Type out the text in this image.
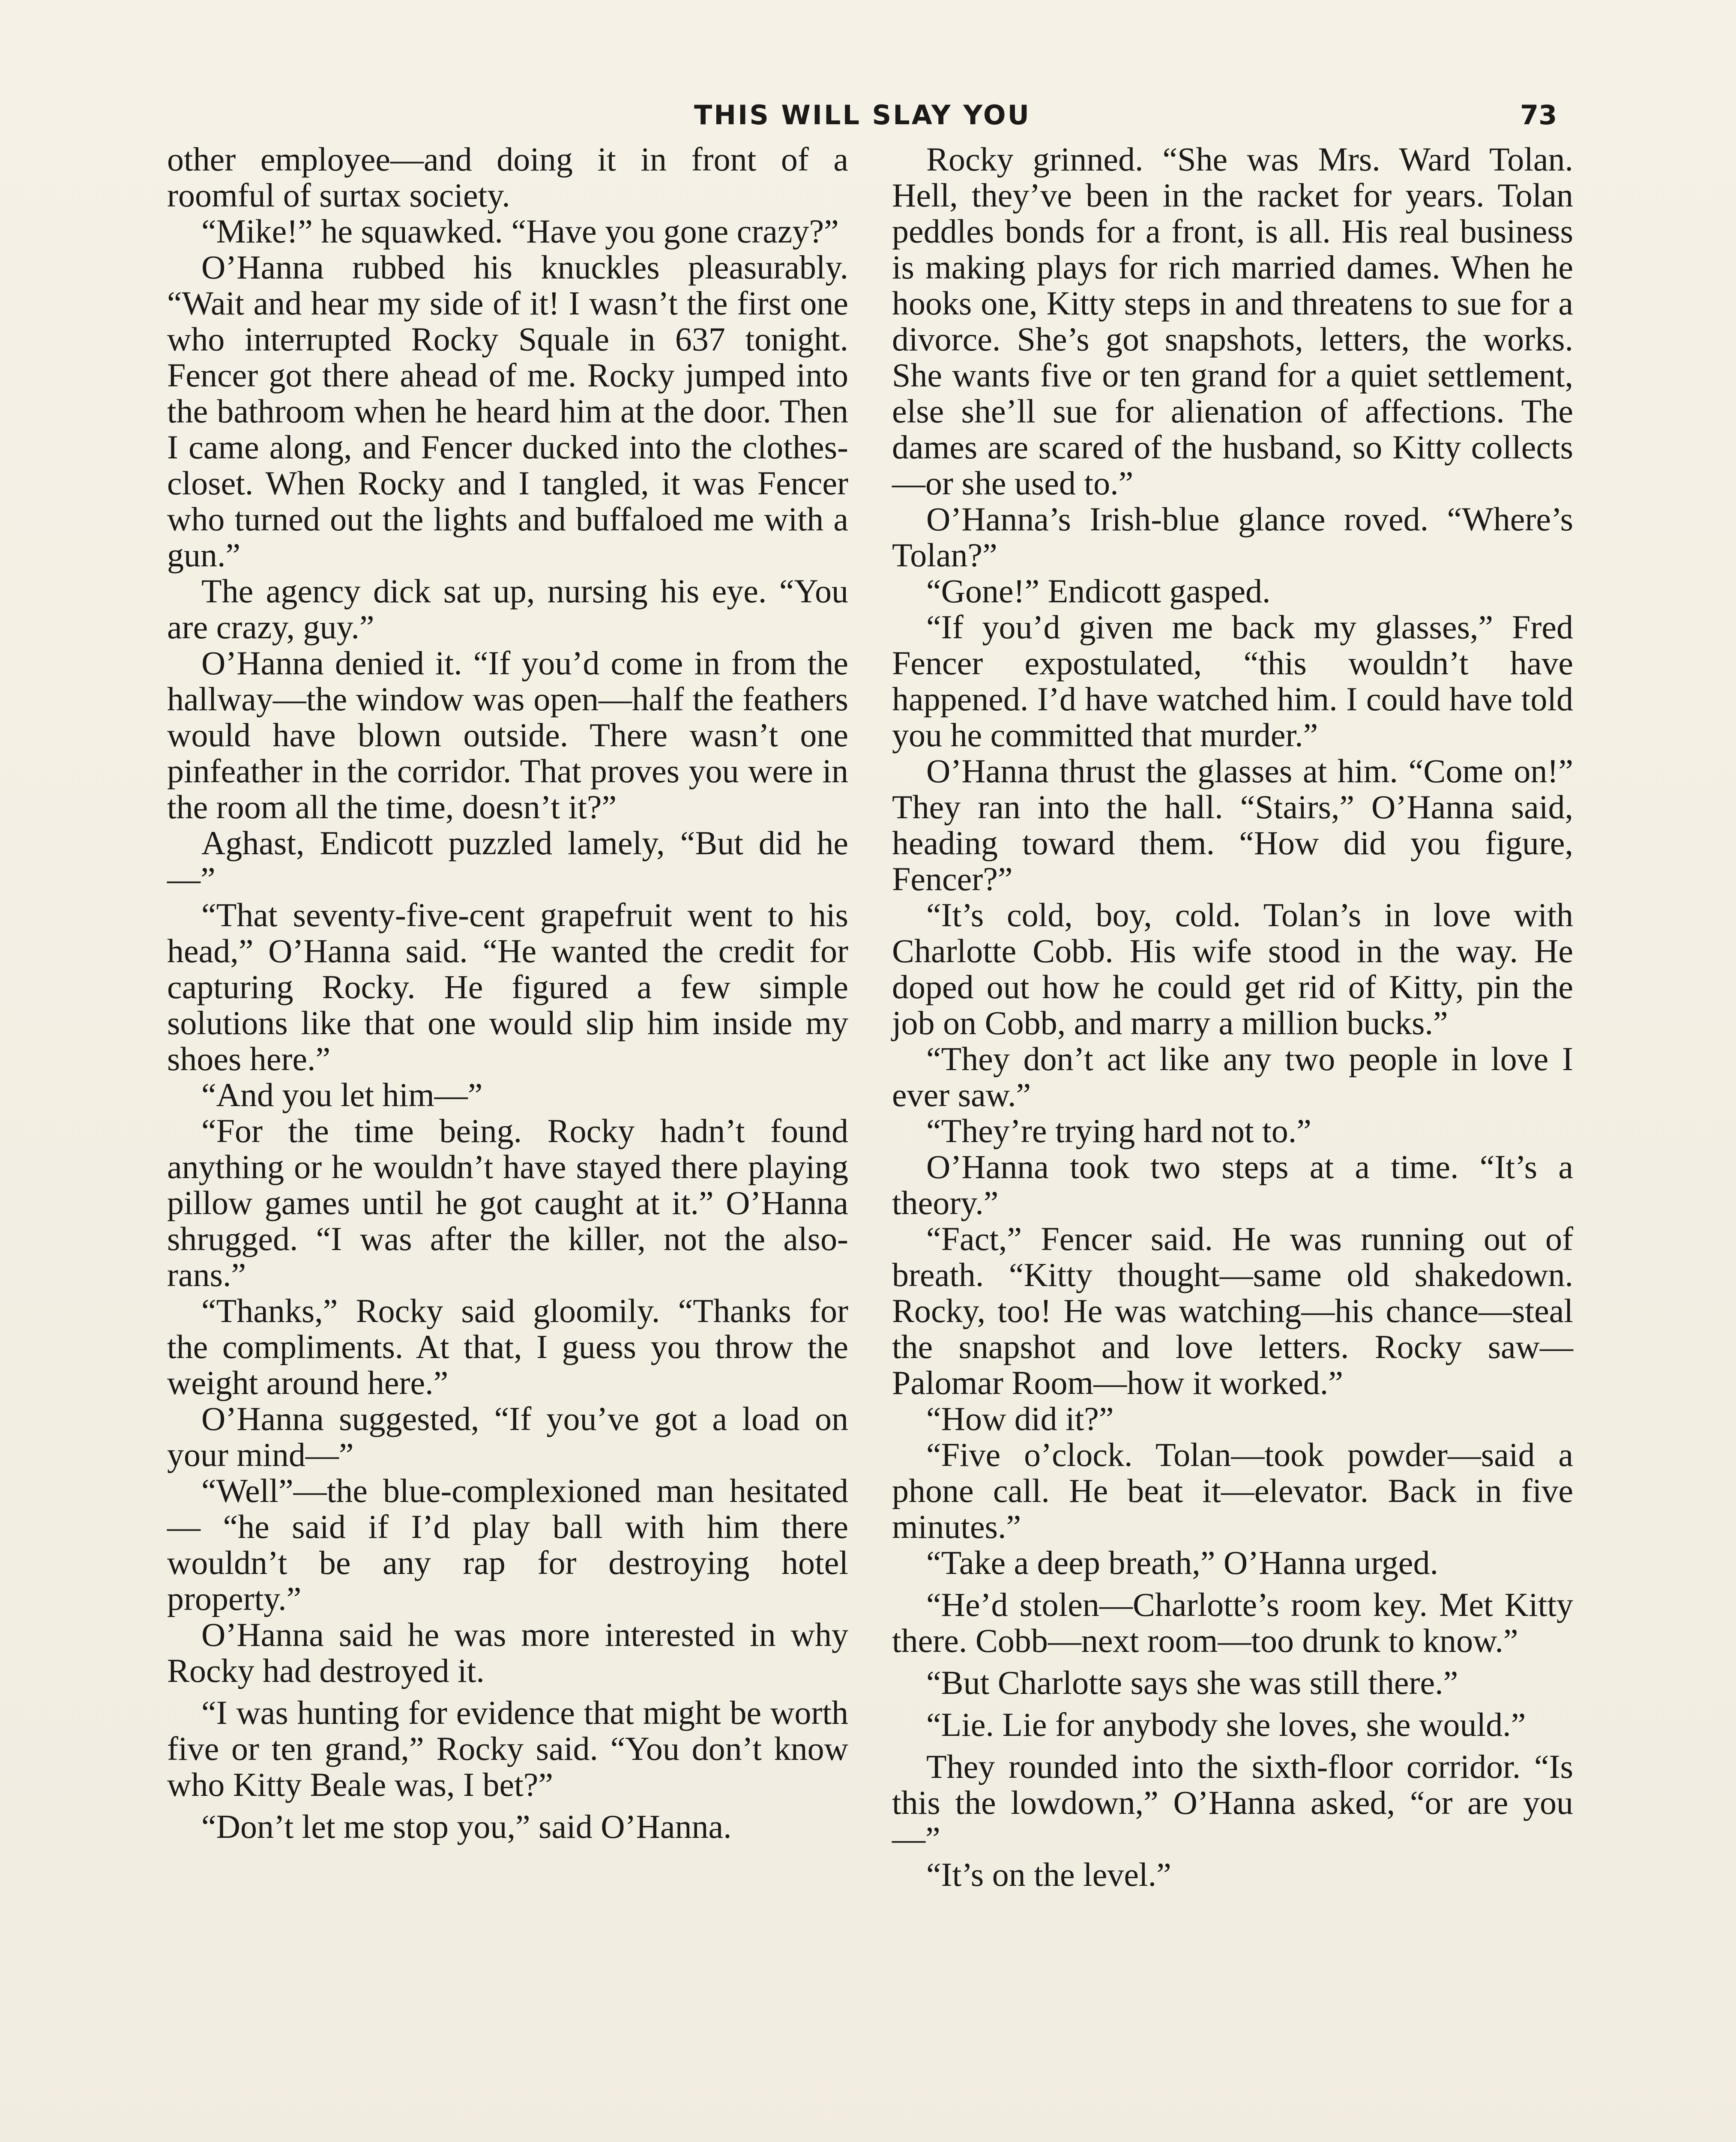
THIS WILL SLAY YOU	73

other employee—and doing it in front of a roomful of surtax society.

“Mike!” he squawked. “Have you gone crazy?”

O’Hanna rubbed his knuckles pleasurably. “Wait and hear my side of it! I wasn’t the first one who interrupted Rocky Squale in 637 tonight. Fencer got there ahead of me. Rocky jumped into the bathroom when he heard him at the door. Then I came along, and Fencer ducked into the clothes-closet. When Rocky and I tangled, it was Fencer who turned out the lights and buffaloed me with a gun.”

The agency dick sat up, nursing his eye. “You are crazy, guy.”

O’Hanna denied it. “If you’d come in from the hallway—the window was open—half the feathers would have blown outside. There wasn’t one pinfeather in the corridor. That proves you were in the room all the time, doesn’t it?”

Aghast, Endicott puzzled lamely, “But did he—”

“That seventy-five-cent grapefruit went to his head,” O’Hanna said. “He wanted the credit for capturing Rocky. He figured a few simple solutions like that one would slip him inside my shoes here.”

“And you let him—”

“For the time being. Rocky hadn’t found anything or he wouldn’t have stayed there playing pillow games until he got caught at it.” O’Hanna shrugged. “I was after the killer, not the also-rans.”

“Thanks,” Rocky said gloomily. “Thanks for the compliments. At that, I guess you throw the weight around here.”

O’Hanna suggested, “If you’ve got a load on your mind—”

“Well”—the blue-complexioned man hesitated— “he said if I’d play ball with him there wouldn’t be any rap for destroying hotel property.”

O’Hanna said he was more interested in why Rocky had destroyed it.

“I was hunting for evidence that might be worth five or ten grand,” Rocky said. “You don’t know who Kitty Beale was, I bet?”

“Don’t let me stop you,” said O’Hanna.

Rocky grinned. “She was Mrs. Ward Tolan. Hell, they’ve been in the racket for years. Tolan peddles bonds for a front, is all. His real business is making plays for rich married dames. When he hooks one, Kitty steps in and threatens to sue for a divorce. She’s got snapshots, letters, the works. She wants five or ten grand for a quiet settlement, else she’ll sue for alienation of affections. The dames are scared of the husband, so Kitty collects—or she used to.”

O’Hanna’s Irish-blue glance roved. “Where’s Tolan?”

“Gone!” Endicott gasped.

“If you’d given me back my glasses,” Fred Fencer expostulated, “this wouldn’t have happened. I’d have watched him. I could have told you he committed that murder.”

O’Hanna thrust the glasses at him. “Come on!” They ran into the hall. “Stairs,” O’Hanna said, heading toward them. “How did you figure, Fencer?”

“It’s cold, boy, cold. Tolan’s in love with Charlotte Cobb. His wife stood in the way. He doped out how he could get rid of Kitty, pin the job on Cobb, and marry a million bucks.”

“They don’t act like any two people in love I ever saw.”

“They’re trying hard not to.”

O’Hanna took two steps at a time. “It’s a theory.”

“Fact,” Fencer said. He was running out of breath. “Kitty thought—same old shakedown. Rocky, too! He was watching—his chance—steal the snapshot and love letters. Rocky saw—Palomar Room—how it worked.”

“How did it?”

“Five o’clock. Tolan—took powder—said a phone call. He beat it—elevator. Back in five minutes.”

“Take a deep breath,” O’Hanna urged.

“He’d stolen—Charlotte’s room key. Met Kitty there. Cobb—next room—too drunk to know.”

“But Charlotte says she was still there.”

“Lie. Lie for anybody she loves, she would.”

They rounded into the sixth-floor corridor. “Is this the lowdown,” O’Hanna asked, “or are you—”

“It’s on the level.”
